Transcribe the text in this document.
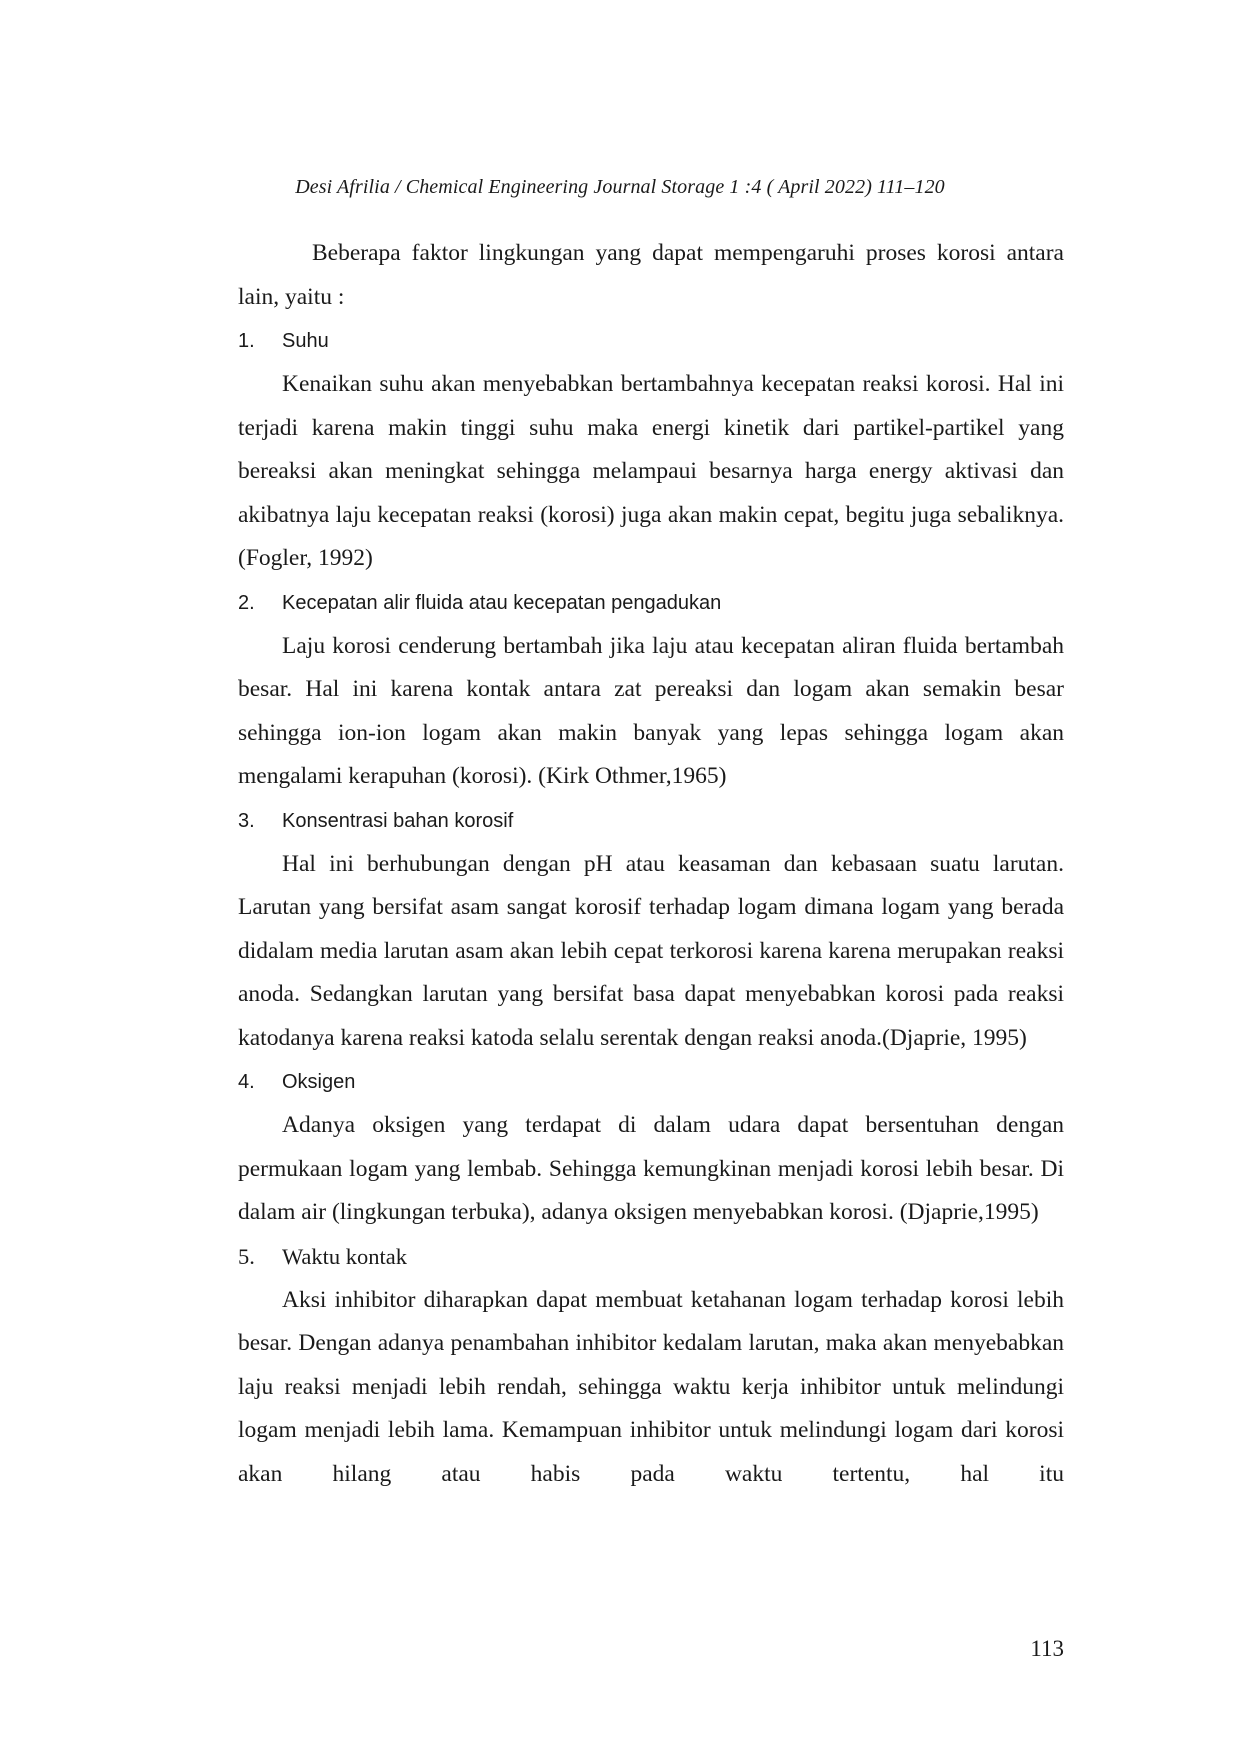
Desi Afrilia / Chemical Engineering Journal Storage 1 :4 ( April 2022) 111–120

Beberapa faktor lingkungan yang dapat mempengaruhi proses korosi antara lain, yaitu :

1.	Suhu

Kenaikan suhu akan menyebabkan bertambahnya kecepatan reaksi korosi. Hal ini terjadi karena makin tinggi suhu maka energi kinetik dari partikel-partikel yang bereaksi akan meningkat sehingga melampaui besarnya harga energy aktivasi dan akibatnya laju kecepatan reaksi (korosi) juga akan makin cepat, begitu juga sebaliknya. (Fogler, 1992)

2.	Kecepatan alir fluida atau kecepatan pengadukan

Laju korosi cenderung bertambah jika laju atau kecepatan aliran fluida bertambah besar. Hal ini karena kontak antara zat pereaksi dan logam akan semakin besar sehingga ion-ion logam akan makin banyak yang lepas sehingga logam akan mengalami kerapuhan (korosi). (Kirk Othmer,1965)

3.	Konsentrasi bahan korosif

Hal ini berhubungan dengan pH atau keasaman dan kebasaan suatu larutan. Larutan yang bersifat asam sangat korosif terhadap logam dimana logam yang berada didalam media larutan asam akan lebih cepat terkorosi karena karena merupakan reaksi anoda. Sedangkan larutan yang bersifat basa dapat menyebabkan korosi pada reaksi katodanya karena reaksi katoda selalu serentak dengan reaksi anoda.(Djaprie, 1995)

4.	Oksigen

Adanya oksigen yang terdapat di dalam udara dapat bersentuhan dengan permukaan logam yang lembab. Sehingga kemungkinan menjadi korosi lebih besar. Di dalam air (lingkungan terbuka), adanya oksigen menyebabkan korosi. (Djaprie,1995)

5.	Waktu kontak

Aksi inhibitor diharapkan dapat membuat ketahanan logam terhadap korosi lebih besar. Dengan adanya penambahan inhibitor kedalam larutan, maka akan menyebabkan laju reaksi menjadi lebih rendah, sehingga waktu kerja inhibitor untuk melindungi logam menjadi lebih lama. Kemampuan inhibitor untuk melindungi logam dari korosi akan hilang atau habis pada waktu tertentu, hal itu

113
